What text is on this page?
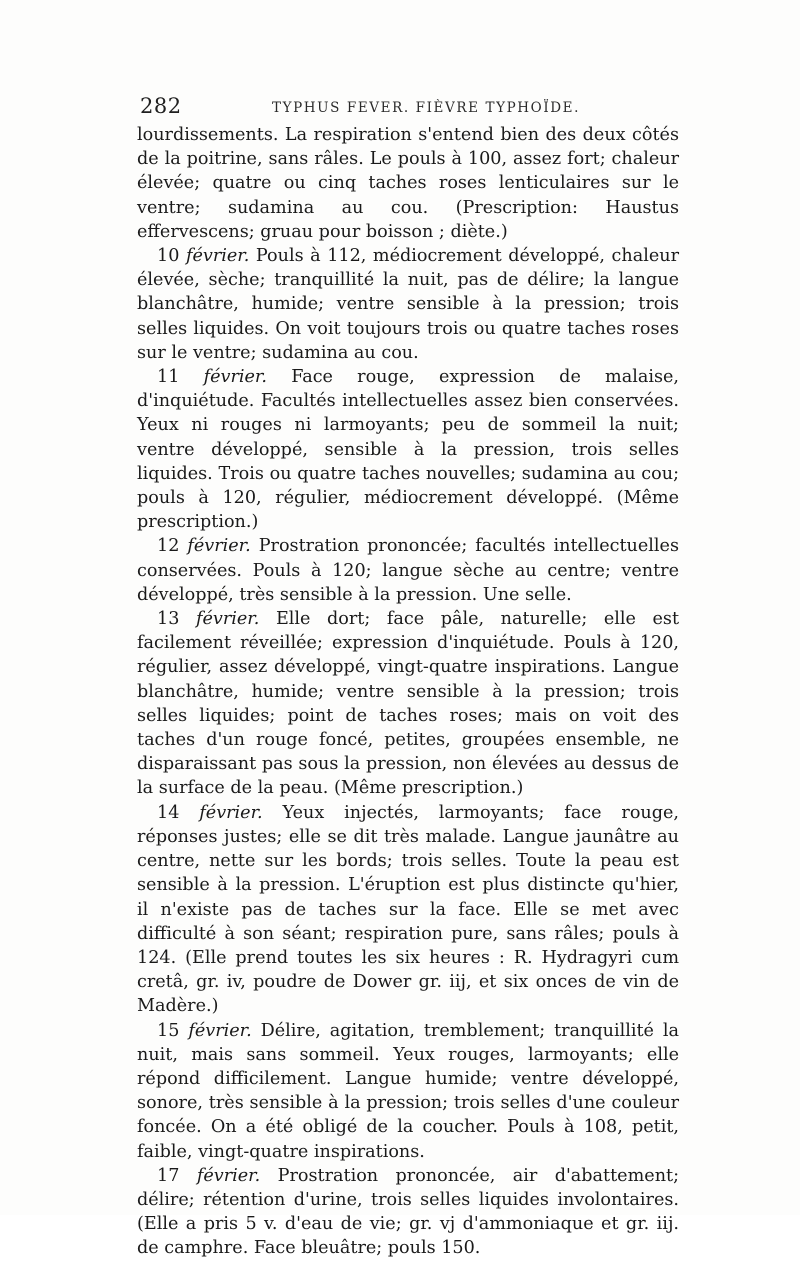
282	TYPHUS FEVER. FIÈVRE TYPHOÏDE.

lourdissements. La respiration s'entend bien des deux côtés de la poitrine, sans râles. Le pouls à 100, assez fort; chaleur élevée; quatre ou cinq taches roses lenticulaires sur le ventre; sudamina au cou. (Prescription: Haustus effervescens; gruau pour boisson ; diète.)

10 février. Pouls à 112, médiocrement développé, chaleur élevée, sèche; tranquillité la nuit, pas de délire; la langue blanchâtre, humide; ventre sensible à la pression; trois selles liquides. On voit toujours trois ou quatre taches roses sur le ventre; sudamina au cou.

11 février. Face rouge, expression de malaise, d'inquiétude. Facultés intellectuelles assez bien conservées. Yeux ni rouges ni larmoyants; peu de sommeil la nuit; ventre développé, sensible à la pression, trois selles liquides. Trois ou quatre taches nouvelles; sudamina au cou; pouls à 120, régulier, médiocrement développé. (Même prescription.)

12 février. Prostration prononcée; facultés intellectuelles conservées. Pouls à 120; langue sèche au centre; ventre développé, très sensible à la pression. Une selle.

13 février. Elle dort; face pâle, naturelle; elle est facilement réveillée; expression d'inquiétude. Pouls à 120, régulier, assez développé, vingt-quatre inspirations. Langue blanchâtre, humide; ventre sensible à la pression; trois selles liquides; point de taches roses; mais on voit des taches d'un rouge foncé, petites, groupées ensemble, ne disparaissant pas sous la pression, non élevées au dessus de la surface de la peau. (Même prescription.)

14 février. Yeux injectés, larmoyants; face rouge, réponses justes; elle se dit très malade. Langue jaunâtre au centre, nette sur les bords; trois selles. Toute la peau est sensible à la pression. L'éruption est plus distincte qu'hier, il n'existe pas de taches sur la face. Elle se met avec difficulté à son séant; respiration pure, sans râles; pouls à 124. (Elle prend toutes les six heures : R. Hydragyri cum cretâ, gr. iv, poudre de Dower gr. iij, et six onces de vin de Madère.)

15 février. Délire, agitation, tremblement; tranquillité la nuit, mais sans sommeil. Yeux rouges, larmoyants; elle répond difficilement. Langue humide; ventre développé, sonore, très sensible à la pression; trois selles d'une couleur foncée. On a été obligé de la coucher. Pouls à 108, petit, faible, vingt-quatre inspirations.

17 février. Prostration prononcée, air d'abattement; délire; rétention d'urine, trois selles liquides involontaires. (Elle a pris 5 v. d'eau de vie; gr. vj d'ammoniaque et gr. iij. de camphre. Face bleuâtre; pouls 150.
